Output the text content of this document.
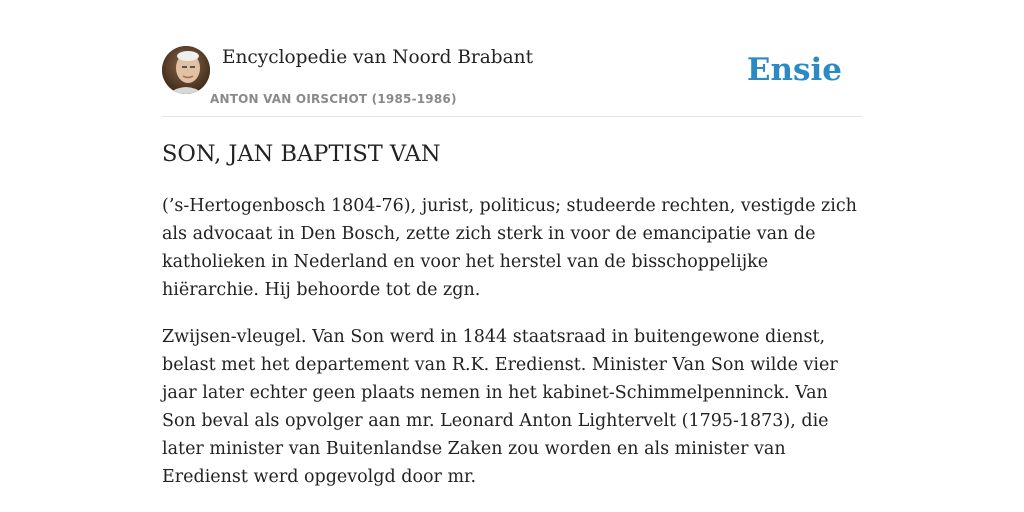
Encyclopedie van Noord Brabant
ANTON VAN OIRSCHOT (1985-1986)
Ensie
SON, JAN BAPTIST VAN

(’s-Hertogenbosch 1804-76), jurist, politicus; studeerde rechten, vestigde zich als advocaat in Den Bosch, zette zich sterk in voor de emancipatie van de katholieken in Nederland en voor het herstel van de bisschoppelijke hiërarchie. Hij behoorde tot de zgn.

Zwijsen-vleugel. Van Son werd in 1844 staatsraad in buitengewone dienst, belast met het departement van R.K. Eredienst. Minister Van Son wilde vier jaar later echter geen plaats nemen in het kabinet-Schimmelpenninck. Van Son beval als opvolger aan mr. Leonard Anton Lightervelt (1795-1873), die later minister van Buitenlandse Zaken zou worden en als minister van Eredienst werd opgevolgd door mr.
